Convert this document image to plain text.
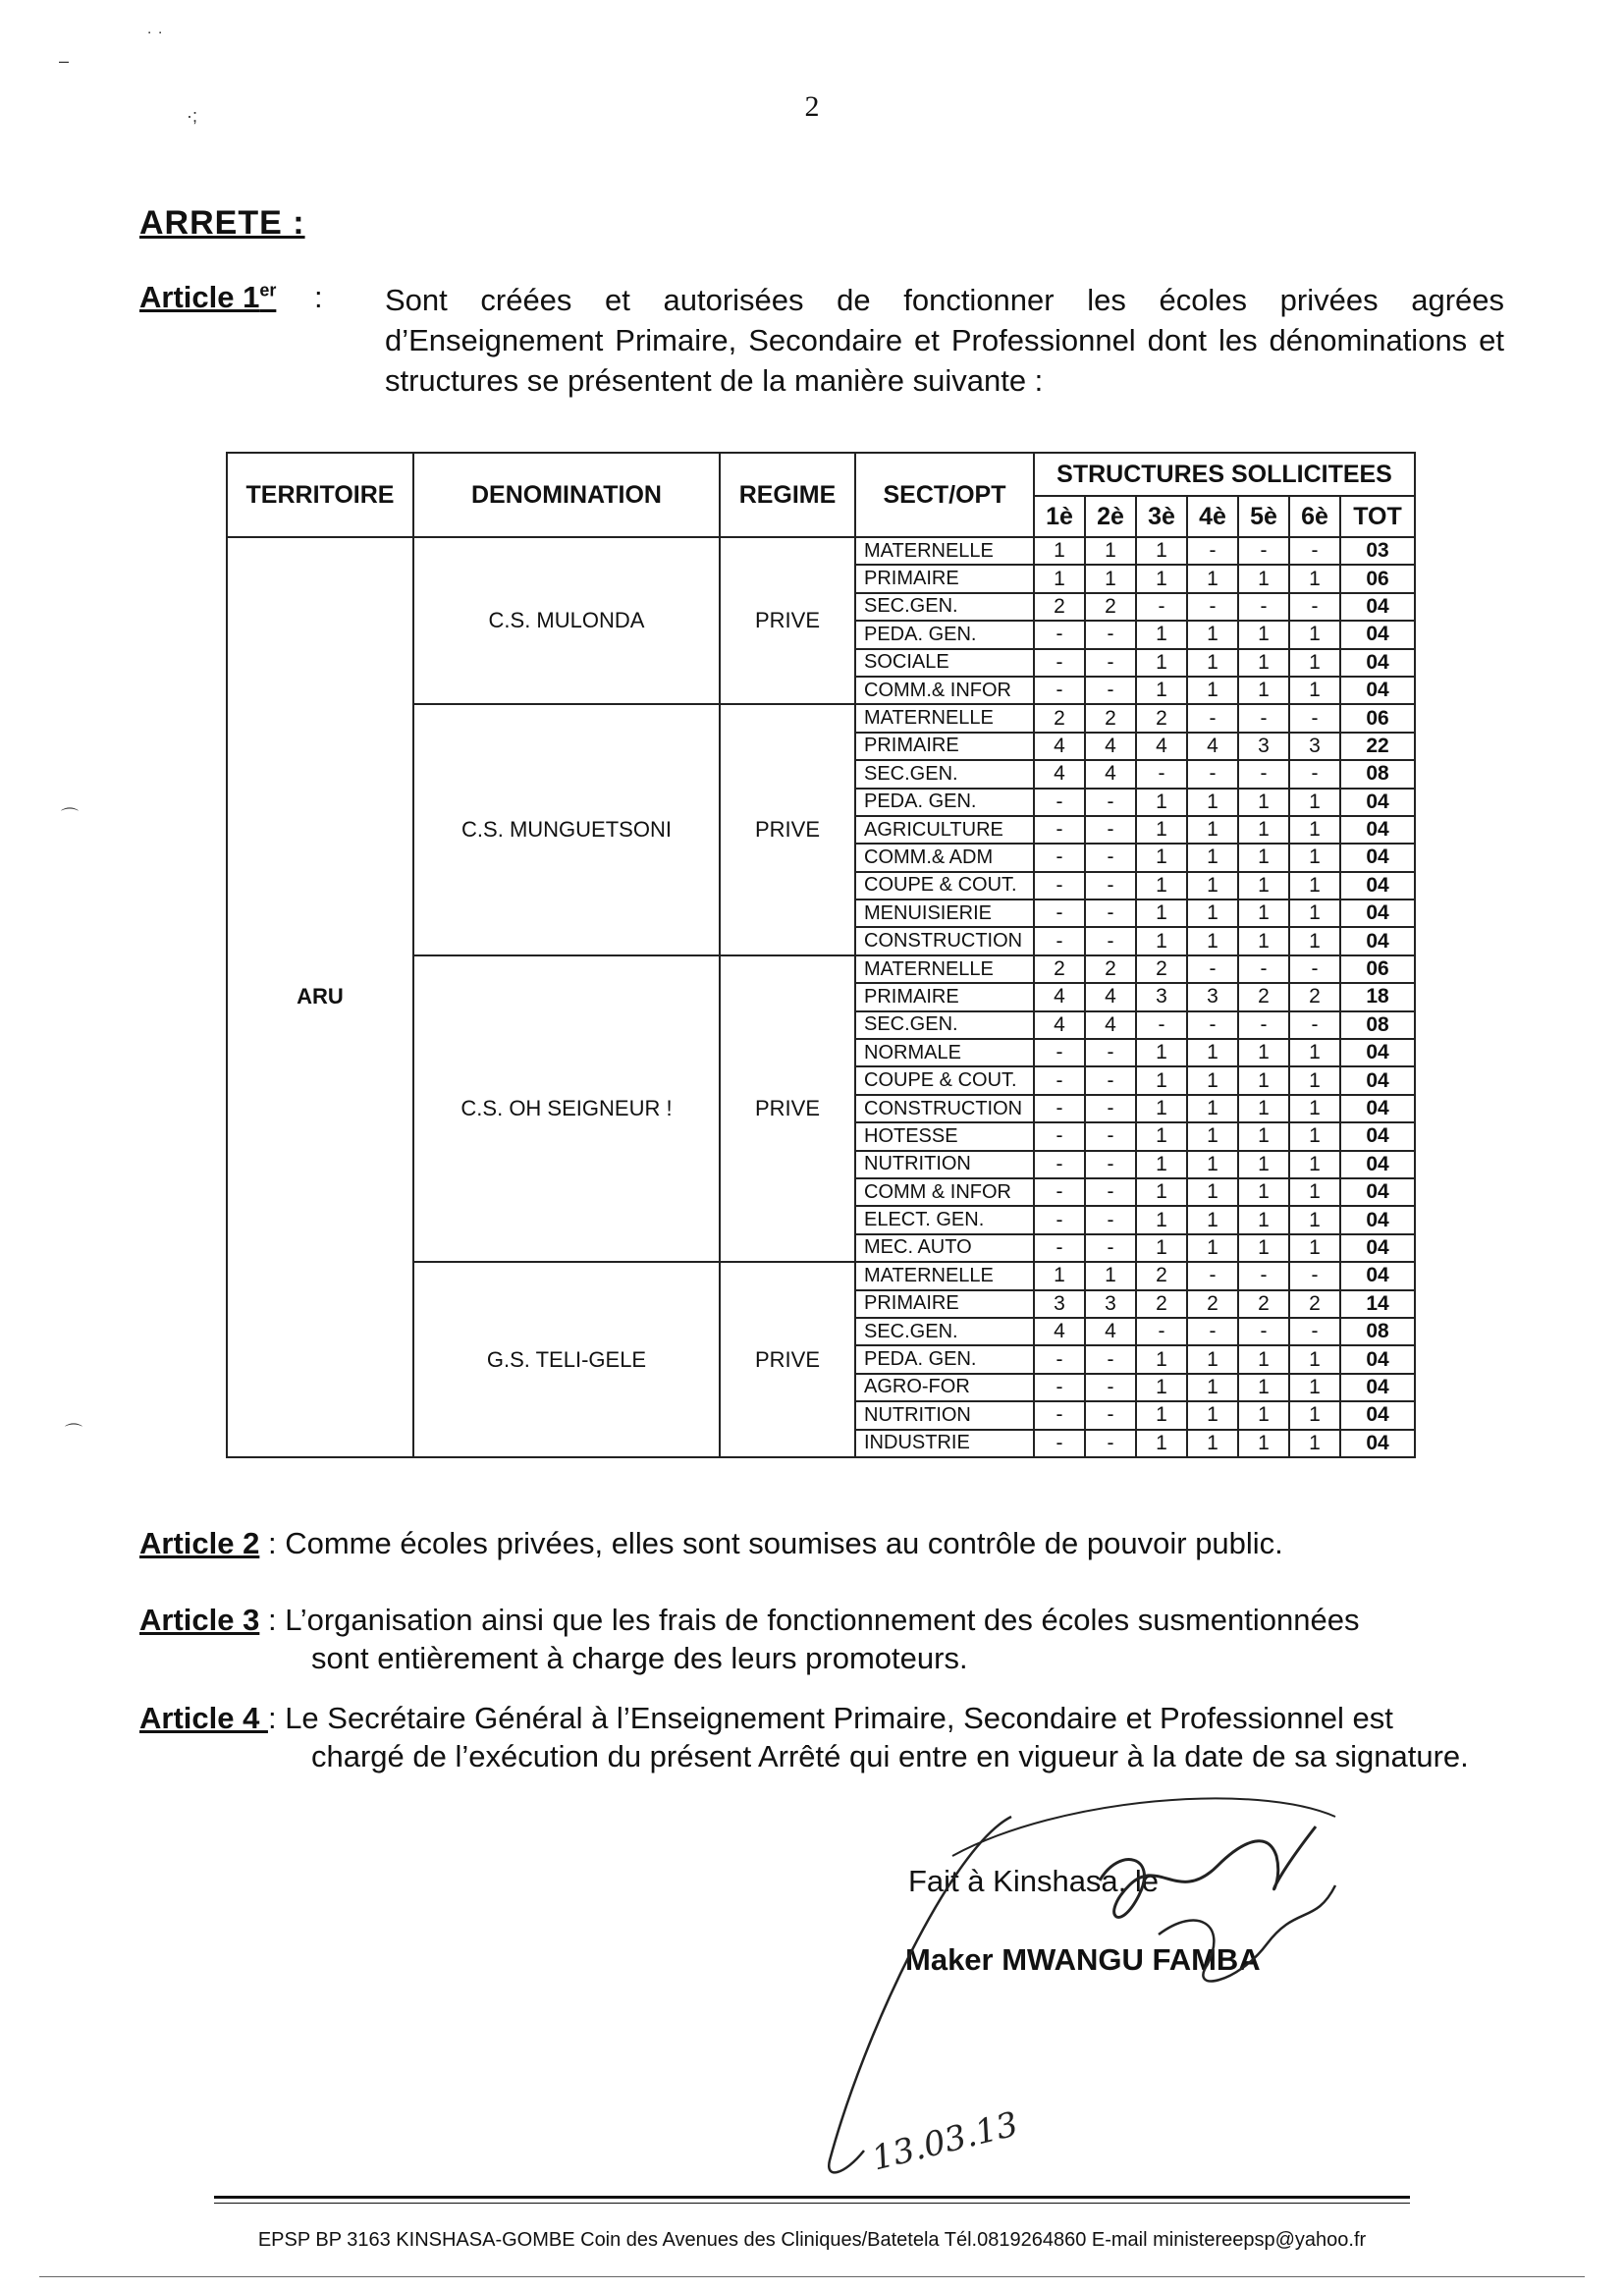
2
ARRETE :
Article 1er : Sont créées et autorisées de fonctionner les écoles privées agrées d’Enseignement Primaire, Secondaire et Professionnel dont les dénominations et structures se présentent de la manière suivante :
TERRITOIRE	DENOMINATION	REGIME	SECT/OPT	STRUCTURES SOLLICITEES						
				1è	2è	3è	4è	5è	6è	TOT
ARU	C.S. MULONDA	PRIVE	MATERNELLE	1	1	1	-	-	-	03
			PRIMAIRE	1	1	1	1	1	1	06
			SEC.GEN.	2	2	-	-	-	-	04
			PEDA. GEN.	-	-	1	1	1	1	04
			SOCIALE	-	-	1	1	1	1	04
			COMM.& INFOR	-	-	1	1	1	1	04
	C.S. MUNGUETSONI	PRIVE	MATERNELLE	2	2	2	-	-	-	06
			PRIMAIRE	4	4	4	4	3	3	22
			SEC.GEN.	4	4	-	-	-	-	08
			PEDA. GEN.	-	-	1	1	1	1	04
			AGRICULTURE	-	-	1	1	1	1	04
			COMM.& ADM	-	-	1	1	1	1	04
			COUPE & COUT.	-	-	1	1	1	1	04
			MENUISIERIE	-	-	1	1	1	1	04
			CONSTRUCTION	-	-	1	1	1	1	04
	C.S. OH SEIGNEUR !	PRIVE	MATERNELLE	2	2	2	-	-	-	06
			PRIMAIRE	4	4	3	3	2	2	18
			SEC.GEN.	4	4	-	-	-	-	08
			NORMALE	-	-	1	1	1	1	04
			COUPE & COUT.	-	-	1	1	1	1	04
			CONSTRUCTION	-	-	1	1	1	1	04
			HOTESSE	-	-	1	1	1	1	04
			NUTRITION	-	-	1	1	1	1	04
			COMM & INFOR	-	-	1	1	1	1	04
			ELECT. GEN.	-	-	1	1	1	1	04
			MEC. AUTO	-	-	1	1	1	1	04
	G.S. TELI-GELE	PRIVE	MATERNELLE	1	1	2	-	-	-	04
			PRIMAIRE	3	3	2	2	2	2	14
			SEC.GEN.	4	4	-	-	-	-	08
			PEDA. GEN.	-	-	1	1	1	1	04
			AGRO-FOR	-	-	1	1	1	1	04
			NUTRITION	-	-	1	1	1	1	04
			INDUSTRIE	-	-	1	1	1	1	04
Article 2 : Comme écoles privées, elles sont soumises au contrôle de pouvoir public.
Article 3 : L’organisation ainsi que les frais de fonctionnement des écoles susmentionnées
sont entièrement à charge des leurs promoteurs.
Article 4 : Le Secrétaire Général à l’Enseignement Primaire, Secondaire et Professionnel est
chargé de l’exécution du présent Arrêté qui entre en vigueur à la date de sa signature.
Fait à Kinshasa, le
Maker MWANGU FAMBA
13.03.13
EPSP BP 3163 KINSHASA-GOMBE Coin des Avenues des Cliniques/Batetela Tél.0819264860 E-mail ministereepsp@yahoo.fr
–
˙ ˙
·;
⌒
⌒
